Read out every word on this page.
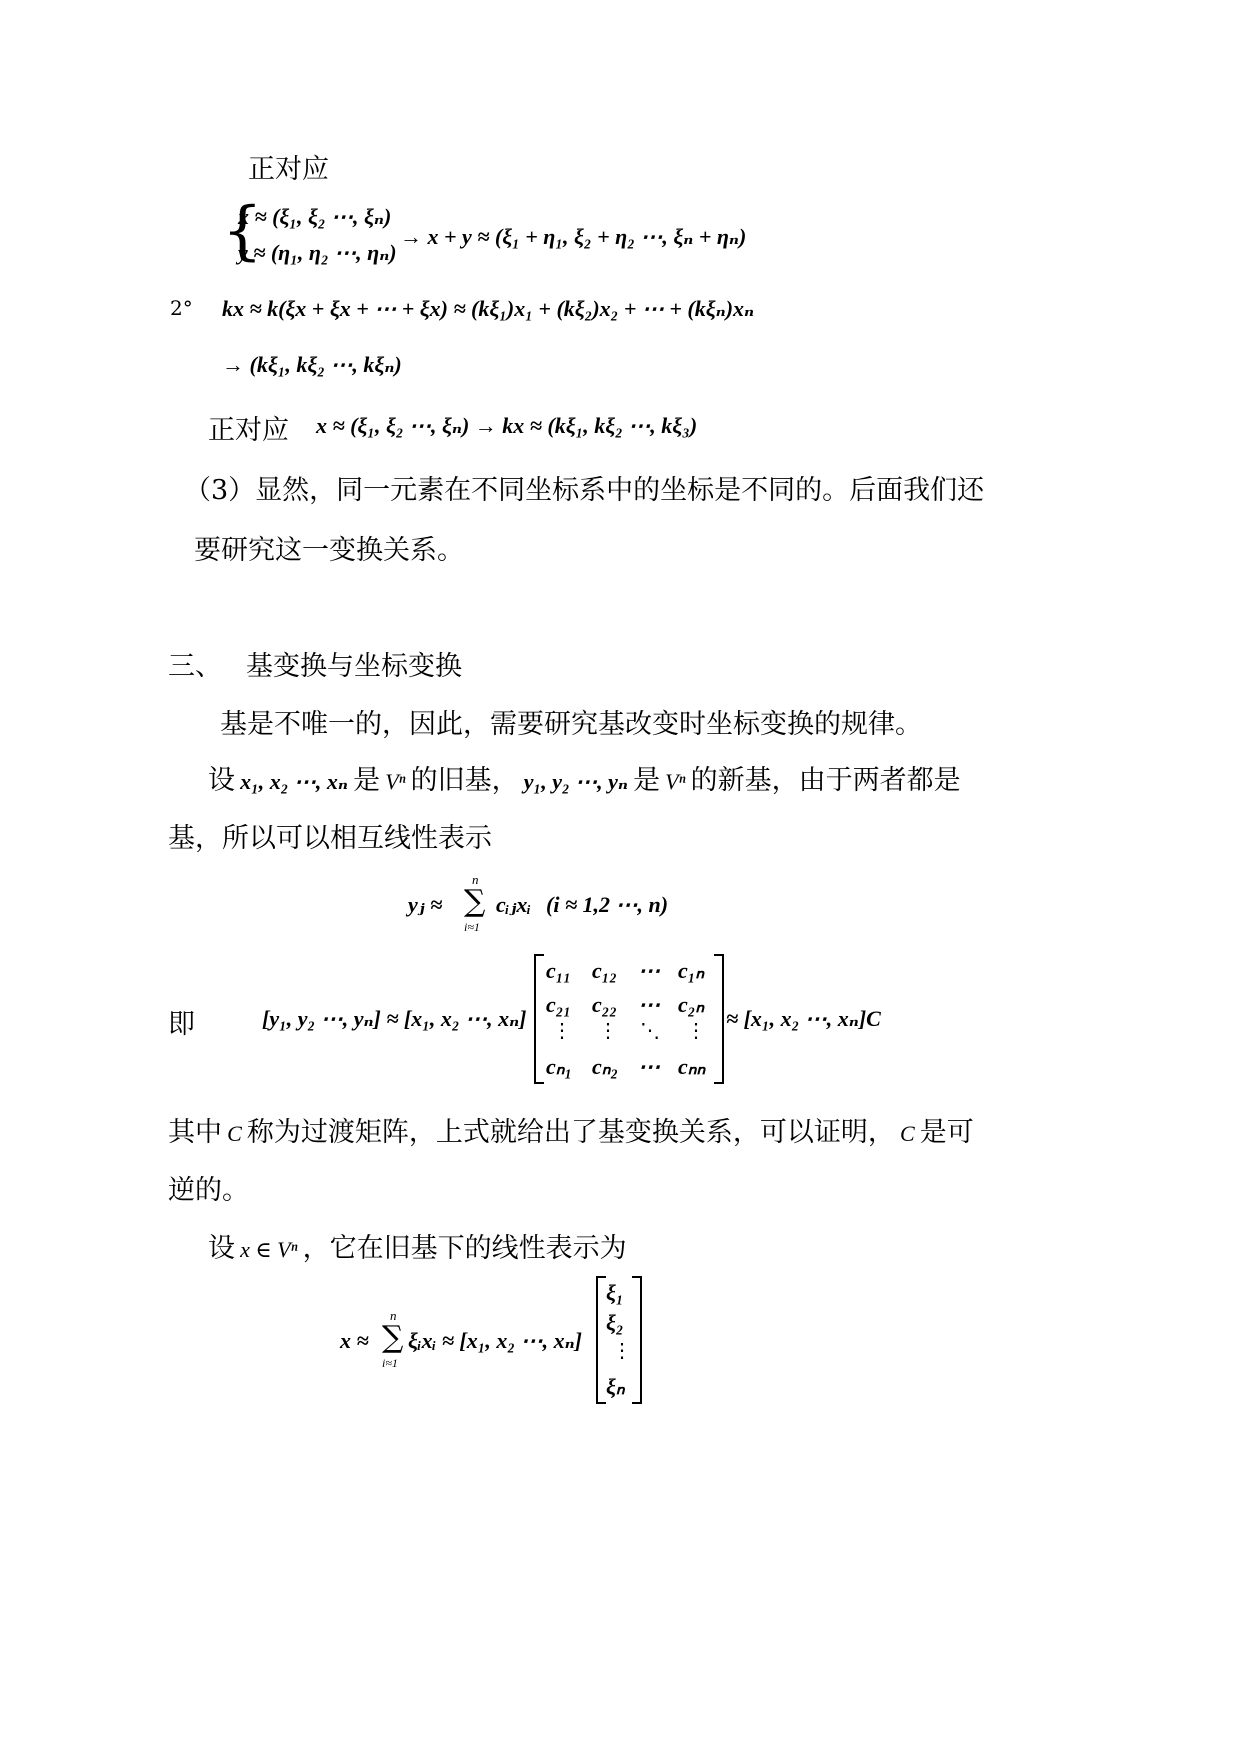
正对应
{
x ≈ (ξ₁, ξ₂ ⋯, ξₙ)
y ≈ (η₁, η₂ ⋯, ηₙ)
→ x + y ≈ (ξ₁ + η₁, ξ₂ + η₂ ⋯, ξₙ + ηₙ)
2° kx ≈ k(ξx + ξx + ⋯ + ξx) ≈ (kξ₁)x₁ + (kξ₂)x₂ + ⋯ + (kξₙ)xₙ
→ (kξ₁, kξ₂ ⋯, kξₙ)
正对应 x ≈ (ξ₁, ξ₂ ⋯, ξₙ) → kx ≈ (kξ₁, kξ₂ ⋯, kξ₃)
（3）显然，同一元素在不同坐标系中的坐标是不同的。后面我们还
要研究这一变换关系。
三、 基变换与坐标变换
基是不唯一的，因此，需要研究基改变时坐标变换的规律。
设 x₁, x₂ ⋯, xₙ 是 Vⁿ 的旧基， y₁, y₂ ⋯, yₙ 是 Vⁿ 的新基，由于两者都是
基，所以可以相互线性表示
yⱼ ≈ ∑
n
i≈1
cᵢⱼxᵢ (i ≈ 1,2 ⋯, n)
即	[y₁, y₂ ⋯, yₙ] ≈ [x₁, x₂ ⋯, xₙ]
c₁₁ c₁₂ ⋯ c₁ₙ
c₂₁ c₂₂ ⋯ c₂ₙ
⋮ ⋮ ⋱ ⋮
cₙ₁ cₙ₂ ⋯ cₙₙ
≈ [x₁, x₂ ⋯, xₙ]C
其中 C 称为过渡矩阵，上式就给出了基变换关系，可以证明， C 是可
逆的。
设 x ∈ Vⁿ ，它在旧基下的线性表示为
x ≈ ∑
n
i≈1
ξᵢxᵢ ≈ [x₁, x₂ ⋯, xₙ]
ξ₁
ξ₂
⋮
ξₙ
